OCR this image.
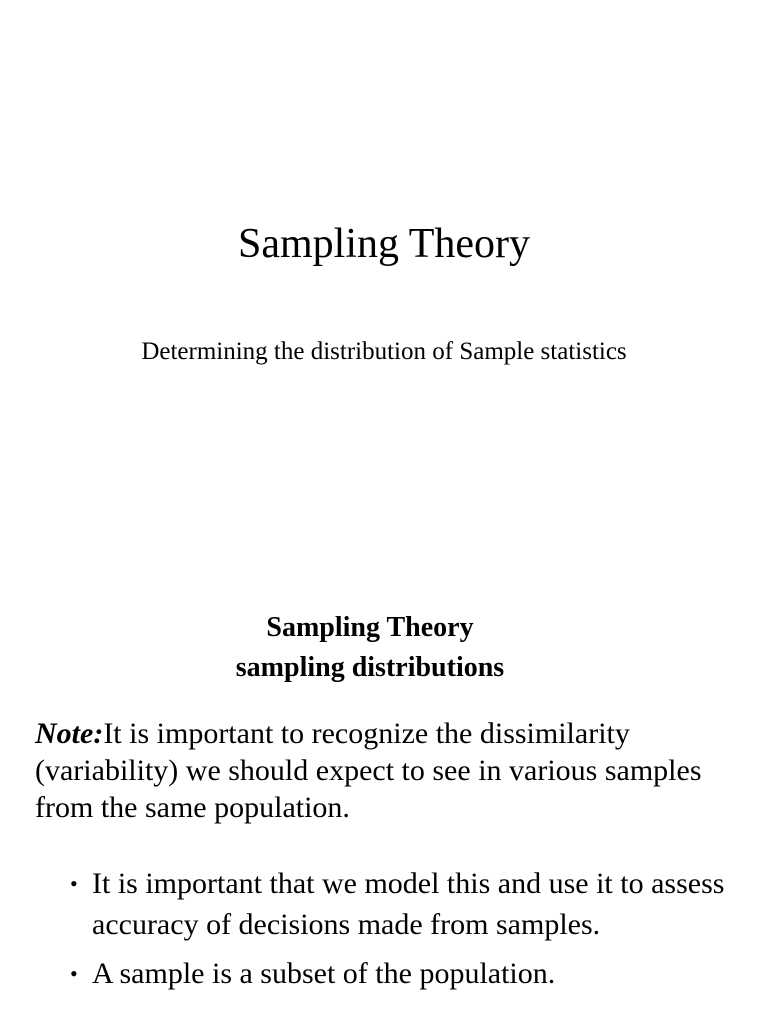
Sampling Theory
Determining the distribution of Sample statistics
Sampling Theory
sampling distributions
Note:It is important to recognize the dissimilarity (variability) we should expect to see in various samples from the same population.
• It is important that we model this and use it to assess accuracy of decisions made from samples.
• A sample is a subset of the population.
